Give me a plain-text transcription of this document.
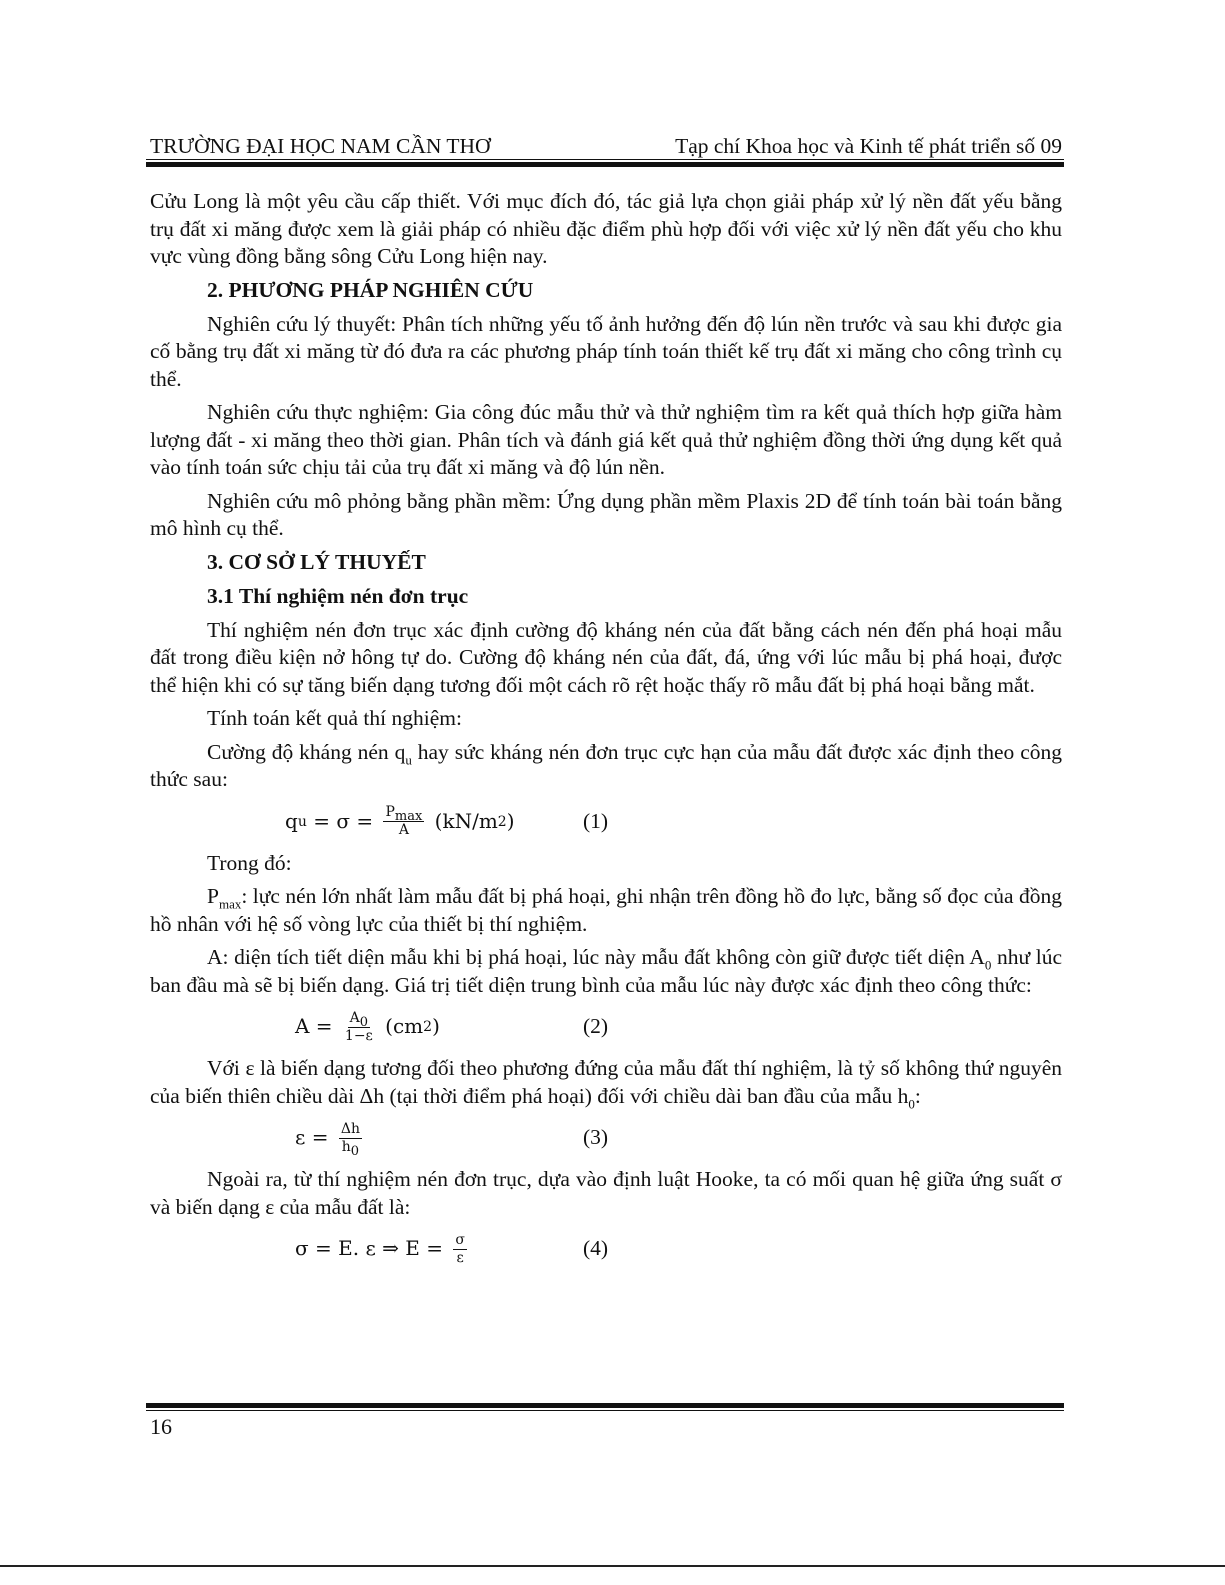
TRƯỜNG ĐẠI HỌC NAM CẦN THƠ	Tạp chí Khoa học và Kinh tế phát triển số 09

Cửu Long là một yêu cầu cấp thiết. Với mục đích đó, tác giả lựa chọn giải pháp xử lý nền đất yếu bằng trụ đất xi măng được xem là giải pháp có nhiều đặc điểm phù hợp đối với việc xử lý nền đất yếu cho khu vực vùng đồng bằng sông Cửu Long hiện nay.

2. PHƯƠNG PHÁP NGHIÊN CỨU

Nghiên cứu lý thuyết: Phân tích những yếu tố ảnh hưởng đến độ lún nền trước và sau khi được gia cố bằng trụ đất xi măng từ đó đưa ra các phương pháp tính toán thiết kế trụ đất xi măng cho công trình cụ thể.

Nghiên cứu thực nghiệm: Gia công đúc mẫu thử và thử nghiệm tìm ra kết quả thích hợp giữa hàm lượng đất - xi măng theo thời gian. Phân tích và đánh giá kết quả thử nghiệm đồng thời ứng dụng kết quả vào tính toán sức chịu tải của trụ đất xi măng và độ lún nền.

Nghiên cứu mô phỏng bằng phần mềm: Ứng dụng phần mềm Plaxis 2D để tính toán bài toán bằng mô hình cụ thể.

3. CƠ SỞ LÝ THUYẾT
3.1 Thí nghiệm nén đơn trục

Thí nghiệm nén đơn trục xác định cường độ kháng nén của đất bằng cách nén đến phá hoại mẫu đất trong điều kiện nở hông tự do. Cường độ kháng nén của đất, đá, ứng với lúc mẫu bị phá hoại, được thể hiện khi có sự tăng biến dạng tương đối một cách rõ rệt hoặc thấy rõ mẫu đất bị phá hoại bằng mắt.

Tính toán kết quả thí nghiệm:

Cường độ kháng nén $q_u$ hay sức kháng nén đơn trục cực hạn của mẫu đất được xác định theo công thức sau:

q $u = \sigma = \frac{P_{max}}{A} (kN/m$ 2 )	(1)

Trong đó:

$P_{max}$: lực nén lớn nhất làm mẫu đất bị phá hoại, ghi nhận trên đồng hồ đo lực, bằng số đọc của đồng hồ nhân với hệ số vòng lực của thiết bị thí nghiệm.

A: diện tích tiết diện mẫu khi bị phá hoại, lúc này mẫu đất không còn giữ được tiết diện $A_0$ như lúc ban đầu mà sẽ bị biến dạng. Giá trị tiết diện trung bình của mẫu lúc này được xác định theo công thức:

$A = \frac{A_0}{1-\varepsilon} (cm$ 2 )	(2)

Với ε là biến dạng tương đối theo phương đứng của mẫu đất thí nghiệm, là tỷ số không thứ nguyên của biến thiên chiều dài Δh (tại thời điểm phá hoại) đối với chiều dài ban đầu của mẫu $h_0$:

$\varepsilon = \frac{\Delta h}{h_0}$	(3)

Ngoài ra, từ thí nghiệm nén đơn trục, dựa vào định luật Hooke, ta có mối quan hệ giữa ứng suất σ và biến dạng ε của mẫu đất là:

σ = E. ε ⇒ $E = \frac{\sigma}{\varepsilon}$	(4)
16
